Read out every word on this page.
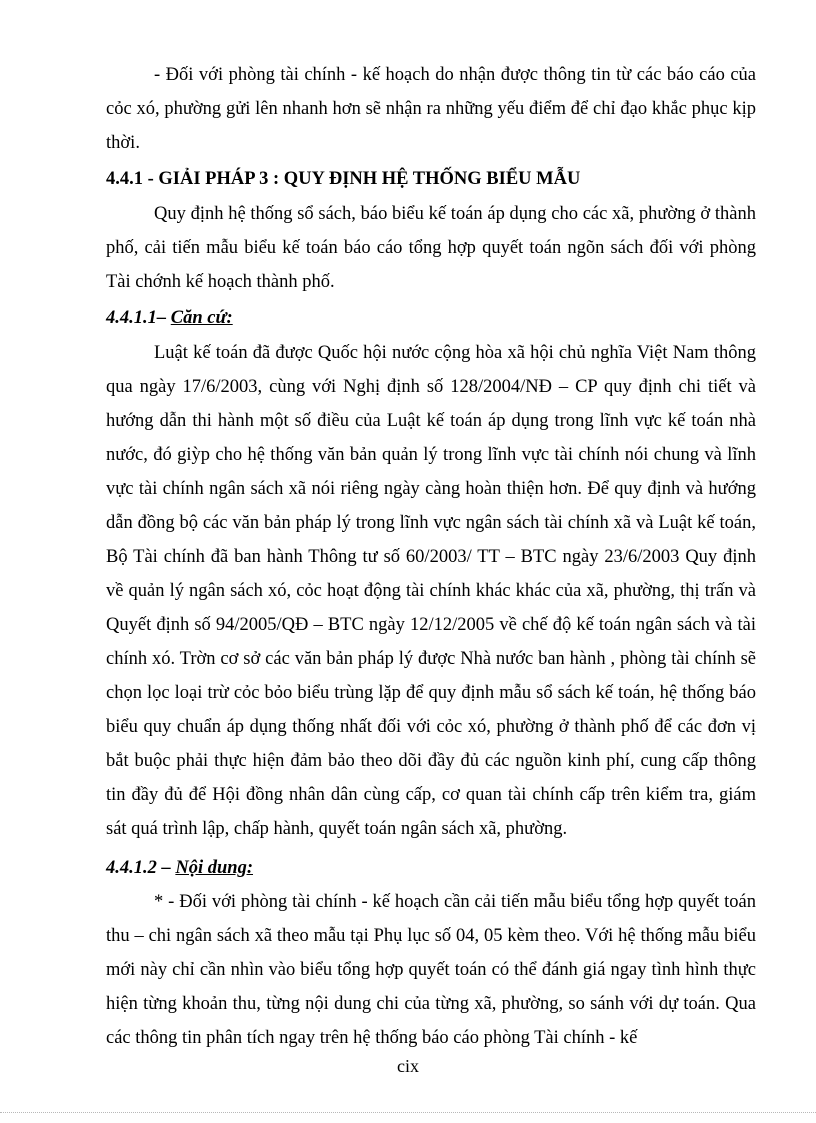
- Đối với phòng tài chính - kế hoạch do nhận được thông tin từ các báo cáo của cỏc xó, phường gửi lên nhanh hơn sẽ nhận ra những yếu điểm để chỉ đạo khắc phục kịp thời.

4.4.1 - GIẢI PHÁP 3 : QUY ĐỊNH HỆ THỐNG BIỂU MẪU

Quy định hệ thống sổ sách, báo biểu kế toán áp dụng cho các xã, phường ở thành phố, cải tiến mẫu biểu kế toán báo cáo tổng hợp quyết toán ngõn sách đối với phòng Tài chớnh kế hoạch thành phố.

4.4.1.1– Căn cứ:

Luật kế toán đã được Quốc hội nước cộng hòa xã hội chủ nghĩa Việt Nam thông qua ngày 17/6/2003, cùng với Nghị định số 128/2004/NĐ – CP quy định chi tiết và hướng dẫn thi hành một số điều của Luật kế toán áp dụng trong lĩnh vực kế toán nhà nước, đó giỳp cho hệ thống văn bản quản lý trong lĩnh vực tài chính nói chung và lĩnh vực tài chính ngân sách xã nói riêng ngày càng hoàn thiện hơn. Để quy định và hướng dẫn đồng bộ các văn bản pháp lý trong lĩnh vực ngân sách tài chính xã và Luật kế toán, Bộ Tài chính đã ban hành Thông tư số 60/2003/ TT – BTC ngày 23/6/2003 Quy định về quản lý ngân sách xó, cỏc hoạt động tài chính khác khác của xã, phường, thị trấn và Quyết định số 94/2005/QĐ – BTC ngày 12/12/2005 về chế độ kế toán ngân sách và tài chính xó. Trờn cơ sở các văn bản pháp lý được Nhà nước ban hành , phòng tài chính sẽ chọn lọc loại trừ cỏc bỏo biểu trùng lặp để quy định mẫu sổ sách kế toán, hệ thống báo biểu quy chuẩn áp dụng thống nhất đối với cỏc xó, phường ở thành phố để các đơn vị bắt buộc phải thực hiện đảm bảo theo dõi đầy đủ các nguồn kinh phí, cung cấp thông tin đầy đủ để Hội đồng nhân dân cùng cấp, cơ quan tài chính cấp trên kiểm tra, giám sát quá trình lập, chấp hành, quyết toán ngân sách xã, phường.

4.4.1.2 – Nội dung:

* - Đối với phòng tài chính - kế hoạch cần cải tiến mẫu biểu tổng hợp quyết toán thu – chi ngân sách xã theo mẫu tại Phụ lục số 04, 05 kèm theo. Với hệ thống mẫu biểu mới này chỉ cần nhìn vào biểu tổng hợp quyết toán có thể đánh giá ngay tình hình thực hiện từng khoản thu, từng nội dung chi của từng xã, phường, so sánh với dự toán. Qua các thông tin phân tích ngay trên hệ thống báo cáo phòng Tài chính - kế

cix
